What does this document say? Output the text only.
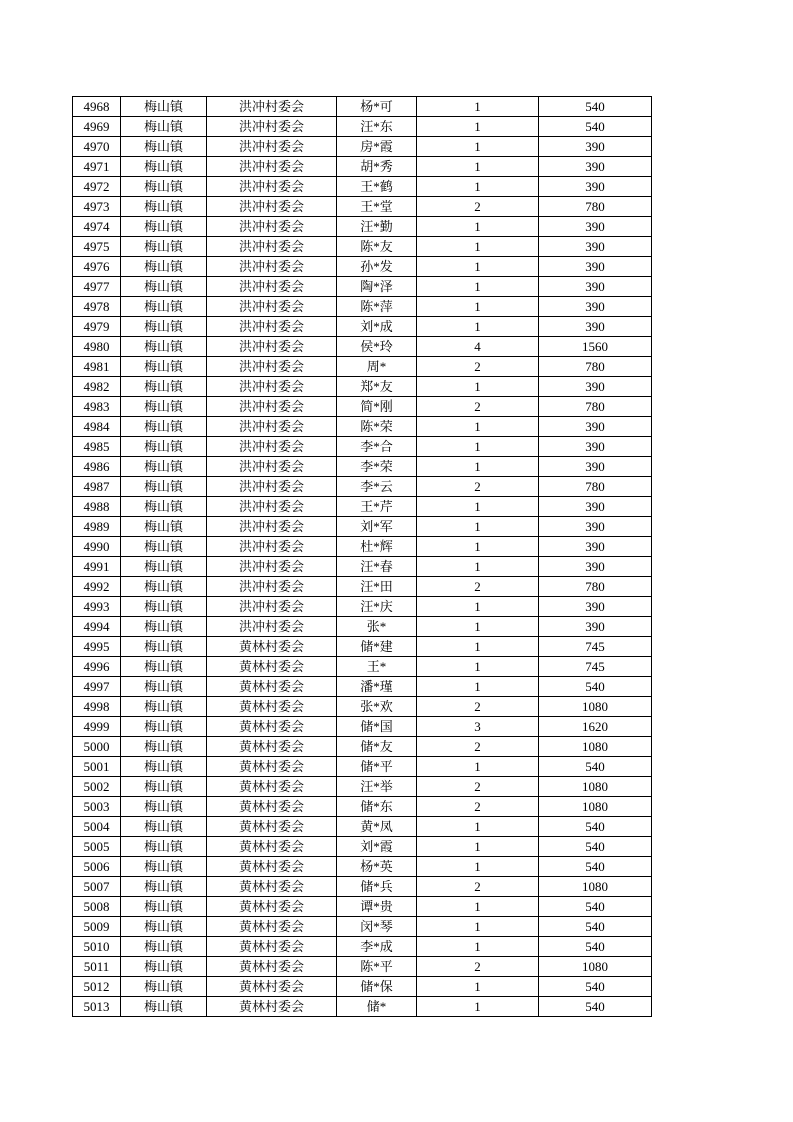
4968	梅山镇	洪冲村委会	杨*可	1	540
4969	梅山镇	洪冲村委会	汪*东	1	540
4970	梅山镇	洪冲村委会	房*霞	1	390
4971	梅山镇	洪冲村委会	胡*秀	1	390
4972	梅山镇	洪冲村委会	王*鹤	1	390
4973	梅山镇	洪冲村委会	王*堂	2	780
4974	梅山镇	洪冲村委会	汪*勤	1	390
4975	梅山镇	洪冲村委会	陈*友	1	390
4976	梅山镇	洪冲村委会	孙*发	1	390
4977	梅山镇	洪冲村委会	陶*泽	1	390
4978	梅山镇	洪冲村委会	陈*萍	1	390
4979	梅山镇	洪冲村委会	刘*成	1	390
4980	梅山镇	洪冲村委会	侯*玲	4	1560
4981	梅山镇	洪冲村委会	周*	2	780
4982	梅山镇	洪冲村委会	郑*友	1	390
4983	梅山镇	洪冲村委会	简*刚	2	780
4984	梅山镇	洪冲村委会	陈*荣	1	390
4985	梅山镇	洪冲村委会	李*合	1	390
4986	梅山镇	洪冲村委会	李*荣	1	390
4987	梅山镇	洪冲村委会	李*云	2	780
4988	梅山镇	洪冲村委会	王*芹	1	390
4989	梅山镇	洪冲村委会	刘*军	1	390
4990	梅山镇	洪冲村委会	杜*辉	1	390
4991	梅山镇	洪冲村委会	汪*春	1	390
4992	梅山镇	洪冲村委会	汪*田	2	780
4993	梅山镇	洪冲村委会	汪*庆	1	390
4994	梅山镇	洪冲村委会	张*	1	390
4995	梅山镇	黄林村委会	储*建	1	745
4996	梅山镇	黄林村委会	王*	1	745
4997	梅山镇	黄林村委会	潘*瑾	1	540
4998	梅山镇	黄林村委会	张*欢	2	1080
4999	梅山镇	黄林村委会	储*国	3	1620
5000	梅山镇	黄林村委会	储*友	2	1080
5001	梅山镇	黄林村委会	储*平	1	540
5002	梅山镇	黄林村委会	汪*举	2	1080
5003	梅山镇	黄林村委会	储*东	2	1080
5004	梅山镇	黄林村委会	黄*凤	1	540
5005	梅山镇	黄林村委会	刘*霞	1	540
5006	梅山镇	黄林村委会	杨*英	1	540
5007	梅山镇	黄林村委会	储*兵	2	1080
5008	梅山镇	黄林村委会	谭*贵	1	540
5009	梅山镇	黄林村委会	闵*琴	1	540
5010	梅山镇	黄林村委会	李*成	1	540
5011	梅山镇	黄林村委会	陈*平	2	1080
5012	梅山镇	黄林村委会	储*保	1	540
5013	梅山镇	黄林村委会	储*	1	540
